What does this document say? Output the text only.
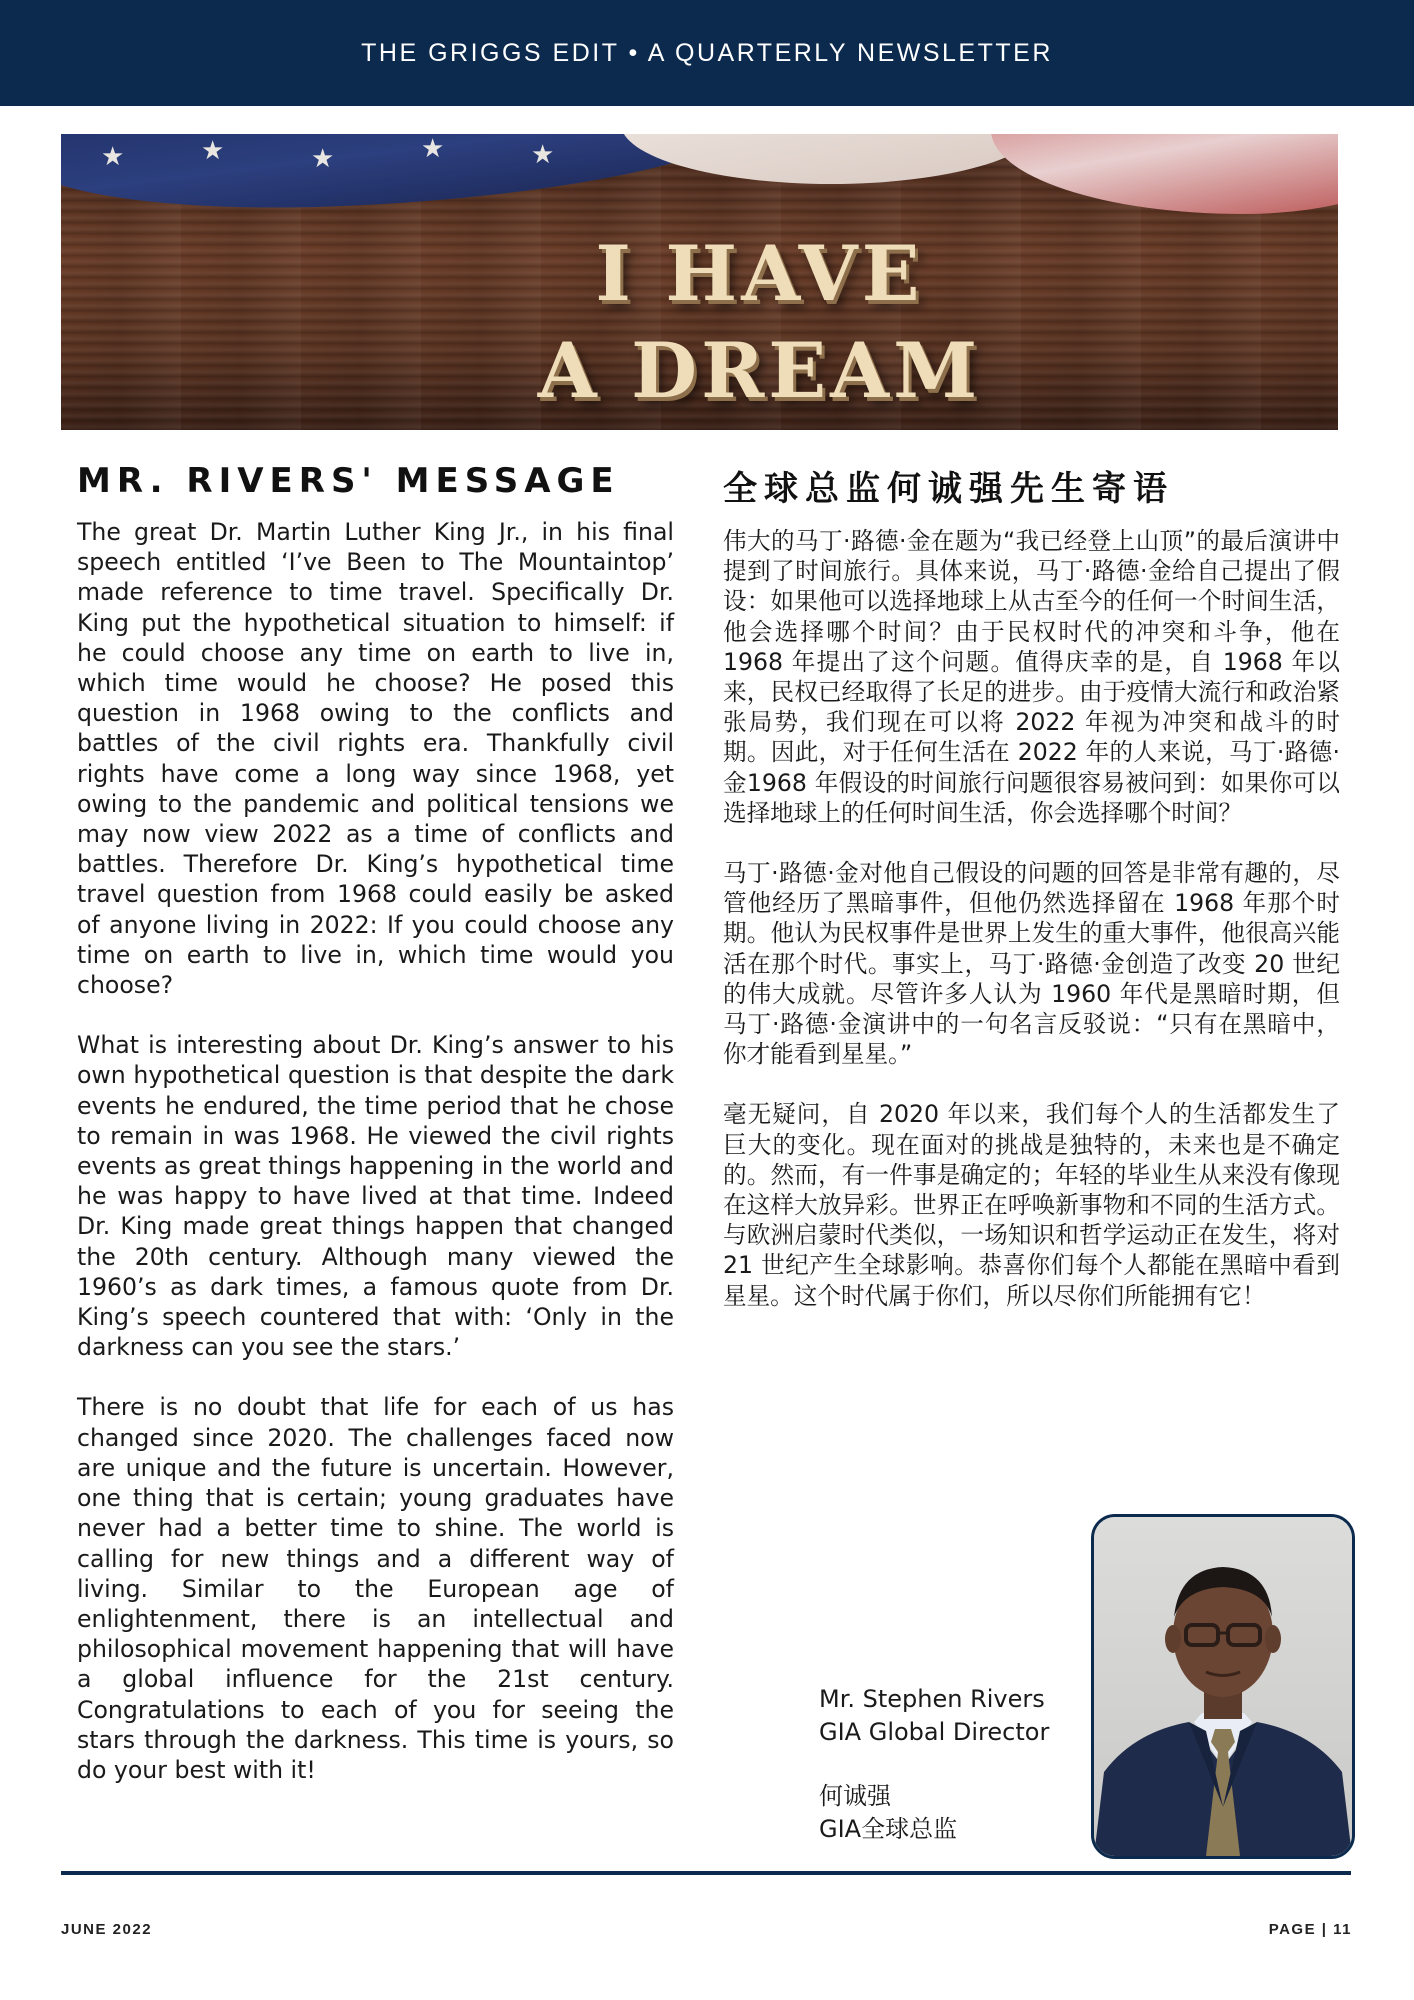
THE GRIGGS EDIT • A QUARTERLY NEWSLETTER
★	★	★	★	★
I HAVE
A DREAM
MR. RIVERS' MESSAGE

The great Dr. Martin Luther King Jr., in his final speech entitled ‘I’ve Been to The Mountaintop’ made reference to time travel. Specifically Dr. King put the hypothetical situation to himself: if he could choose any time on earth to live in, which time would he choose? He posed this question in 1968 owing to the conflicts and battles of the civil rights era. Thankfully civil rights have come a long way since 1968, yet owing to the pandemic and political tensions we may now view 2022 as a time of conflicts and battles. Therefore Dr. King’s hypothetical time travel question from 1968 could easily be asked of anyone living in 2022: If you could choose any time on earth to live in, which time would you choose?

What is interesting about Dr. King’s answer to his own hypothetical question is that despite the dark events he endured, the time period that he chose to remain in was 1968. He viewed the civil rights events as great things happening in the world and he was happy to have lived at that time. Indeed Dr. King made great things happen that changed the 20th century. Although many viewed the 1960’s as dark times, a famous quote from Dr. King’s speech countered that with: ‘Only in the darkness can you see the stars.’

There is no doubt that life for each of us has changed since 2020. The challenges faced now are unique and the future is uncertain. However, one thing that is certain; young graduates have never had a better time to shine. The world is calling for new things and a different way of living. Similar to the European age of enlightenment, there is an intellectual and philosophical movement happening that will have a global influence for the 21st century. Congratulations to each of you for seeing the stars through the darkness. This time is yours, so do your best with it!

全球总监何诚强先生寄语

伟大的马丁·路德·金在题为“我已经登上山顶”的最后演讲中提到了时间旅行。具体来说，马丁·路德·金给自己提出了假设：如果他可以选择地球上从古至今的任何一个时间生活，他会选择哪个时间？由于民权时代的冲突和斗争，他在 1968 年提出了这个问题。值得庆幸的是，自 1968 年以来，民权已经取得了长足的进步。由于疫情大流行和政治紧张局势，我们现在可以将 2022 年视为冲突和战斗的时期。因此，对于任何生活在 2022 年的人来说，马丁·路德·金1968 年假设的时间旅行问题很容易被问到：如果你可以选择地球上的任何时间生活，你会选择哪个时间？

马丁·路德·金对他自己假设的问题的回答是非常有趣的，尽管他经历了黑暗事件，但他仍然选择留在 1968 年那个时期。他认为民权事件是世界上发生的重大事件，他很高兴能活在那个时代。事实上，马丁·路德·金创造了改变 20 世纪的伟大成就。尽管许多人认为 1960 年代是黑暗时期，但马丁·路德·金演讲中的一句名言反驳说：“只有在黑暗中，你才能看到星星。”

毫无疑问，自 2020 年以来，我们每个人的生活都发生了巨大的变化。现在面对的挑战是独特的，未来也是不确定的。然而，有一件事是确定的；年轻的毕业生从来没有像现在这样大放异彩。世界正在呼唤新事物和不同的生活方式。与欧洲启蒙时代类似，一场知识和哲学运动正在发生，将对 21 世纪产生全球影响。恭喜你们每个人都能在黑暗中看到星星。这个时代属于你们，所以尽你们所能拥有它！

Mr. Stephen Rivers
GIA Global Director
何诚强
GIA全球总监
JUNE 2022	PAGE | 11
